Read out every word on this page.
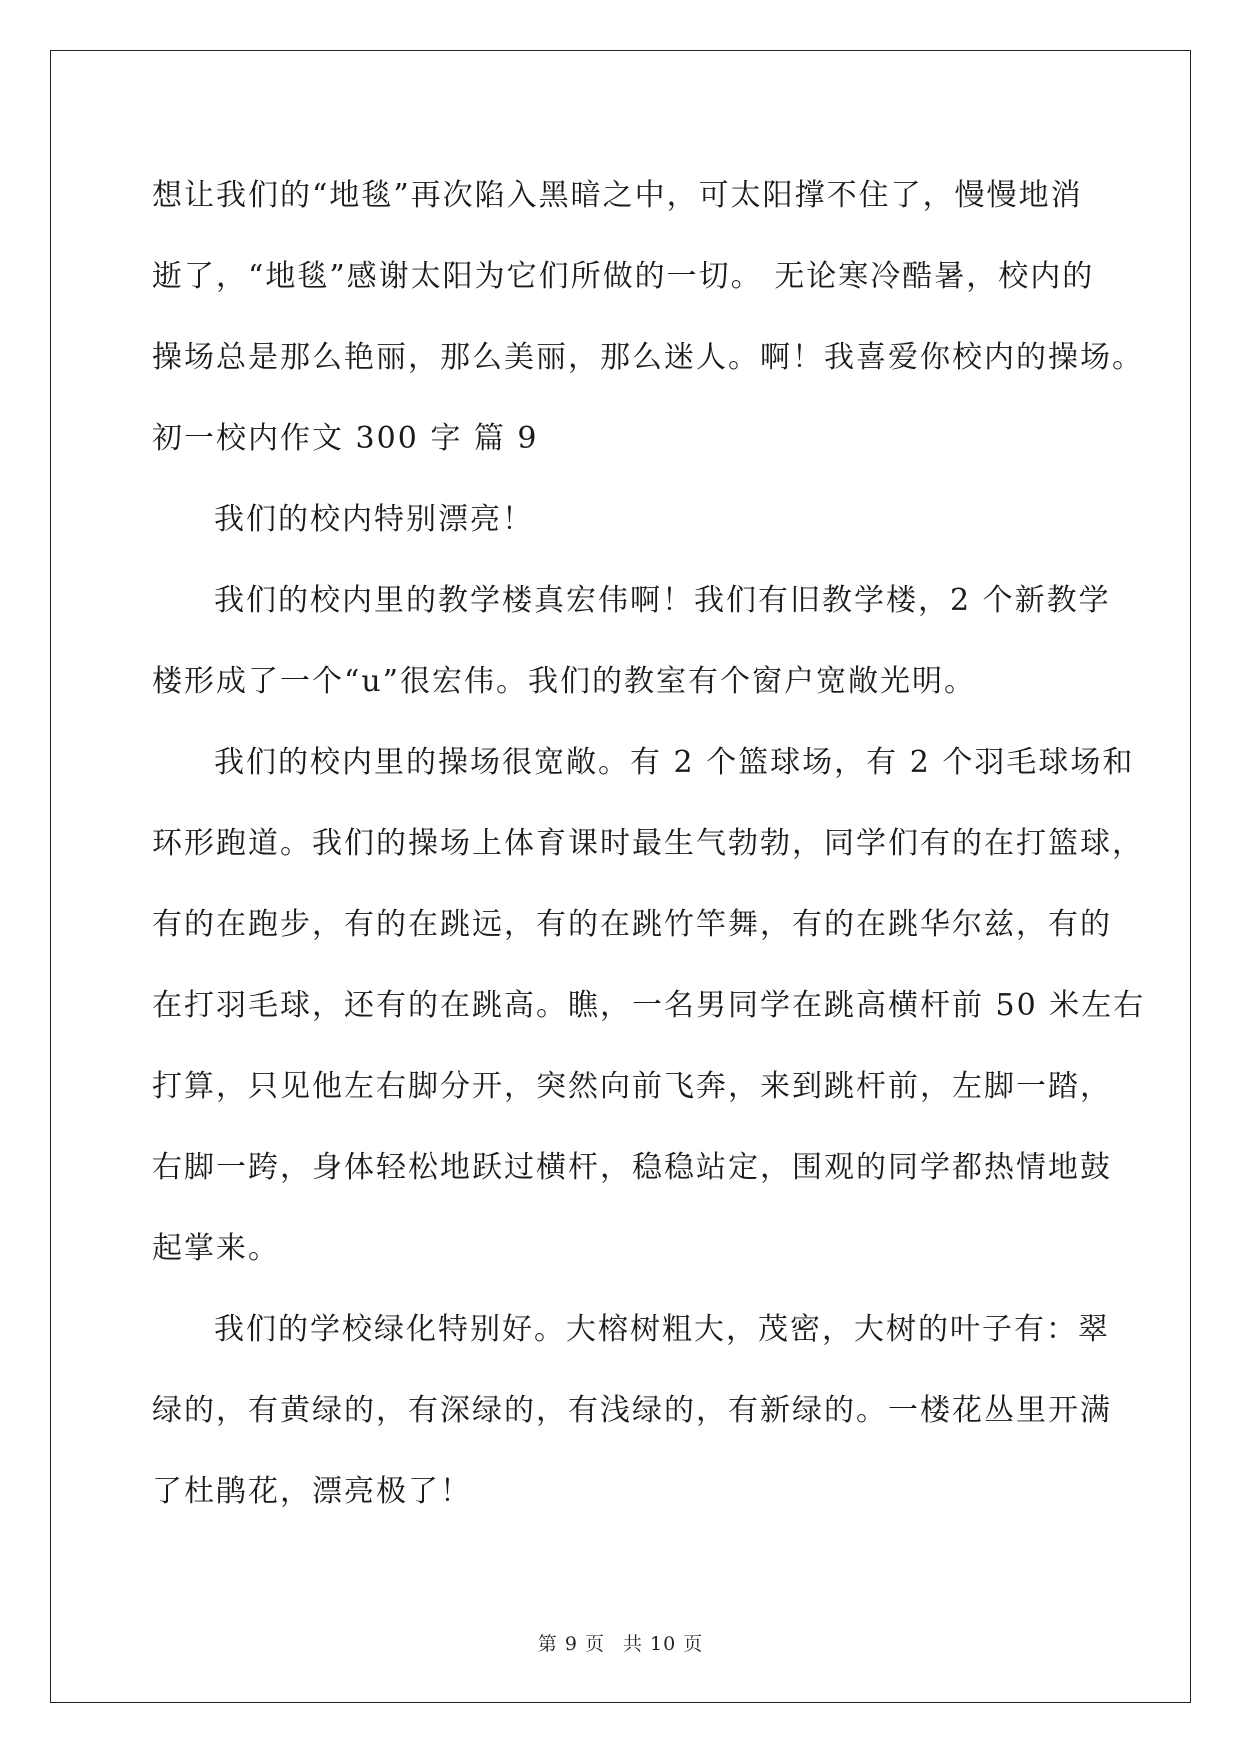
想让我们的“地毯”再次陷入黑暗之中，可太阳撑不住了，慢慢地消
逝了，“地毯”感谢太阳为它们所做的一切。 无论寒冷酷暑，校内的
操场总是那么艳丽，那么美丽，那么迷人。啊！我喜爱你校内的操场。
初一校内作文 300 字 篇 9
我们的校内特别漂亮！
我们的校内里的教学楼真宏伟啊！我们有旧教学楼，2 个新教学
楼形成了一个“u”很宏伟。我们的教室有个窗户宽敞光明。
我们的校内里的操场很宽敞。有 2 个篮球场，有 2 个羽毛球场和
环形跑道。我们的操场上体育课时最生气勃勃，同学们有的在打篮球，
有的在跑步，有的在跳远，有的在跳竹竿舞，有的在跳华尔兹，有的
在打羽毛球，还有的在跳高。瞧，一名男同学在跳高横杆前 50 米左右
打算，只见他左右脚分开，突然向前飞奔，来到跳杆前，左脚一踏，
右脚一跨，身体轻松地跃过横杆，稳稳站定，围观的同学都热情地鼓
起掌来。
我们的学校绿化特别好。大榕树粗大，茂密，大树的叶子有：翠
绿的，有黄绿的，有深绿的，有浅绿的，有新绿的。一楼花丛里开满
了杜鹃花，漂亮极了！
第 9 页 共 10 页
